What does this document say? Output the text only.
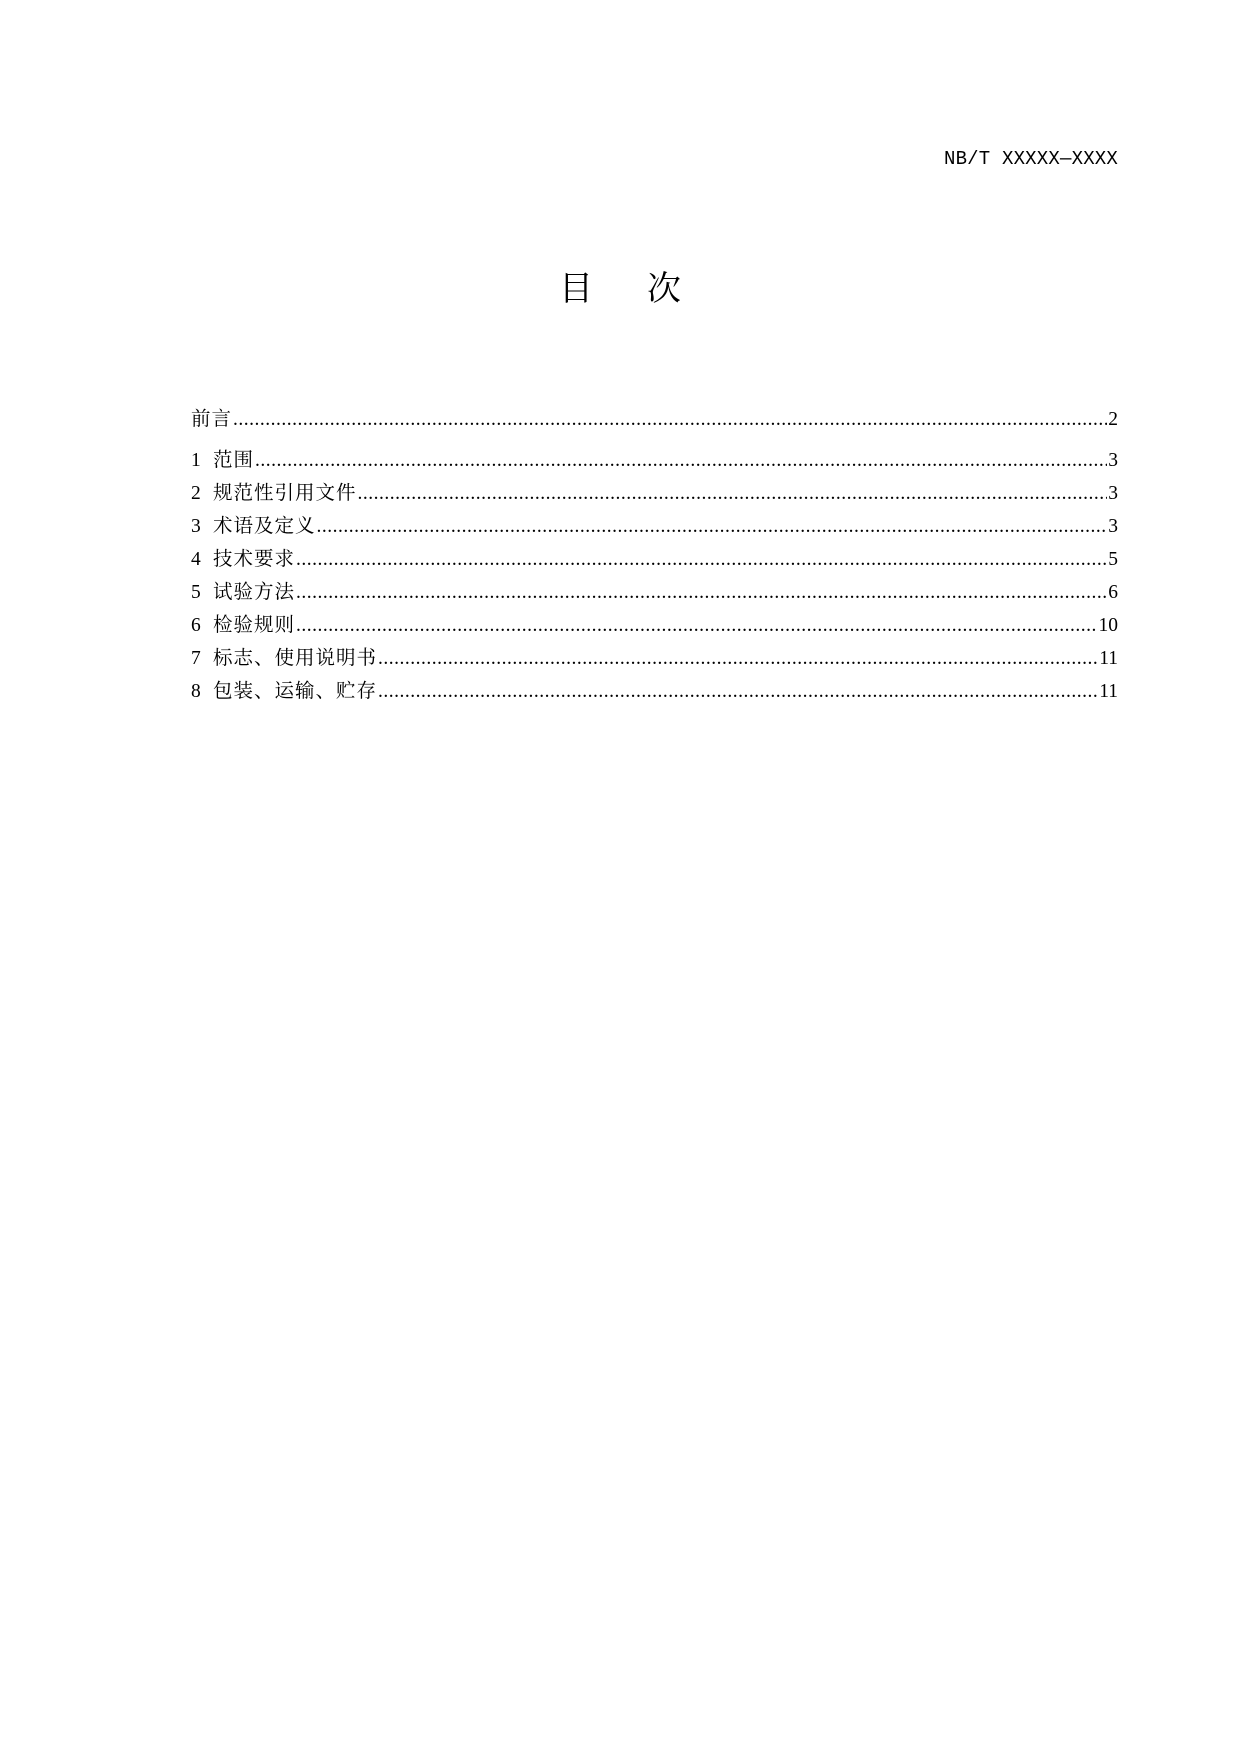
NB/T XXXXX—XXXX
目次
前言 .....	2
1 范围 .....	3
2 规范性引用文件 .....	3
3 术语及定义 .....	3
4 技术要求 .....	5
5 试验方法 .....	6
6 检验规则 .....	10
7 标志、使用说明书 .....	11
8 包装、运输、贮存 .....	11
